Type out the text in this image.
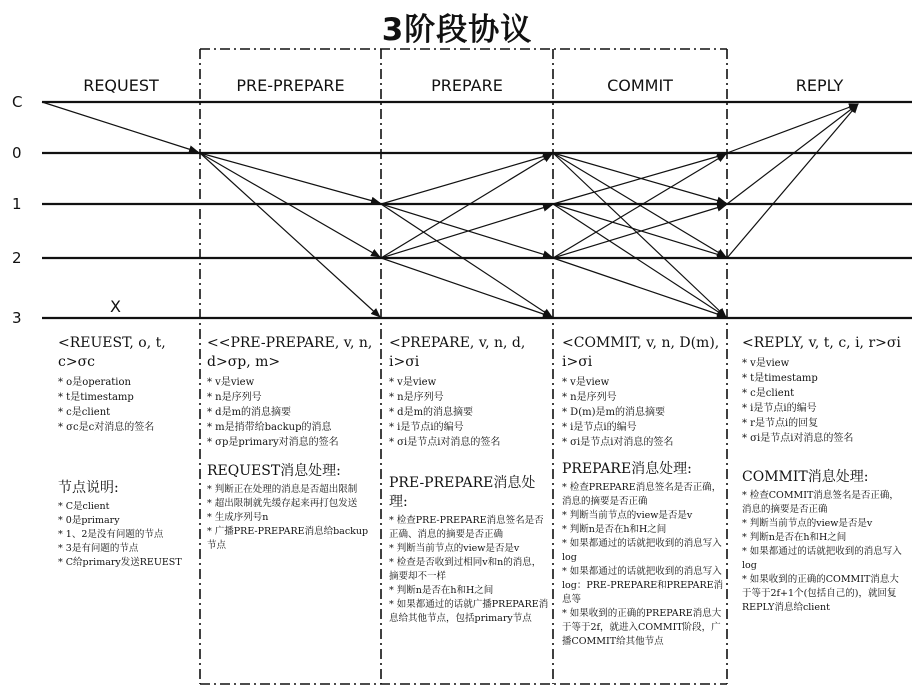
3阶段协议
REQUEST	PRE-PREPARE	PREPARE	COMMIT	REPLY
C
0
1
2
3
X

<REUEST, o, t, c>σc

* o是operation

* t是timestamp

* c是client

* σc是c对消息的签名

节点说明:

* C是client

* 0是primary

* 1、2是没有问题的节点

* 3是有问题的节点

* C给primary发送REUEST

<<PRE-PREPARE, v, n, d>σp, m>

* v是view

* n是序列号

* d是m的消息摘要

* m是捎带给backup的消息

* σp是primary对消息的签名

REQUEST消息处理:

* 判断正在处理的消息是否超出限制

* 超出限制就先缓存起来再打包发送

* 生成序列号n

* 广播PRE-PREPARE消息给backup节点

<PREPARE, v, n, d, i>σi

* v是view

* n是序列号

* d是m的消息摘要

* i是节点i的编号

* σi是节点i对消息的签名

PRE-PREPARE消息处理:

* 检查PRE-PREPARE消息签名是否正确、消息的摘要是否正确

* 判断当前节点的view是否是v

* 检查是否收到过相同v和n的消息，摘要却不一样

* 判断n是否在h和H之间

* 如果都通过的话就广播PREPARE消息给其他节点，包括primary节点

<COMMIT, v, n, D(m), i>σi

* v是view

* n是序列号

* D(m)是m的消息摘要

* i是节点i的编号

* σi是节点i对消息的签名

PREPARE消息处理:

* 检查PREPARE消息签名是否正确，消息的摘要是否正确

* 判断当前节点的view是否是v

* 判断n是否在h和H之间

* 如果都通过的话就把收到的消息写入log

* 如果都通过的话就把收到的消息写入log：PRE-PREPARE和PREPARE消息等

* 如果收到的正确的PREPARE消息大于等于2f，就进入COMMIT阶段，广播COMMIT给其他节点

<REPLY, v, t, c, i, r>σi

* v是view

* t是timestamp

* c是client

* i是节点i的编号

* r是节点i的回复

* σi是节点i对消息的签名

COMMIT消息处理:

* 检查COMMIT消息签名是否正确，消息的摘要是否正确

* 判断当前节点的view是否是v

* 判断n是否在h和H之间

* 如果都通过的话就把收到的消息写入log

* 如果收到的正确的COMMIT消息大于等于2f+1个(包括自己的)，就回复REPLY消息给client
